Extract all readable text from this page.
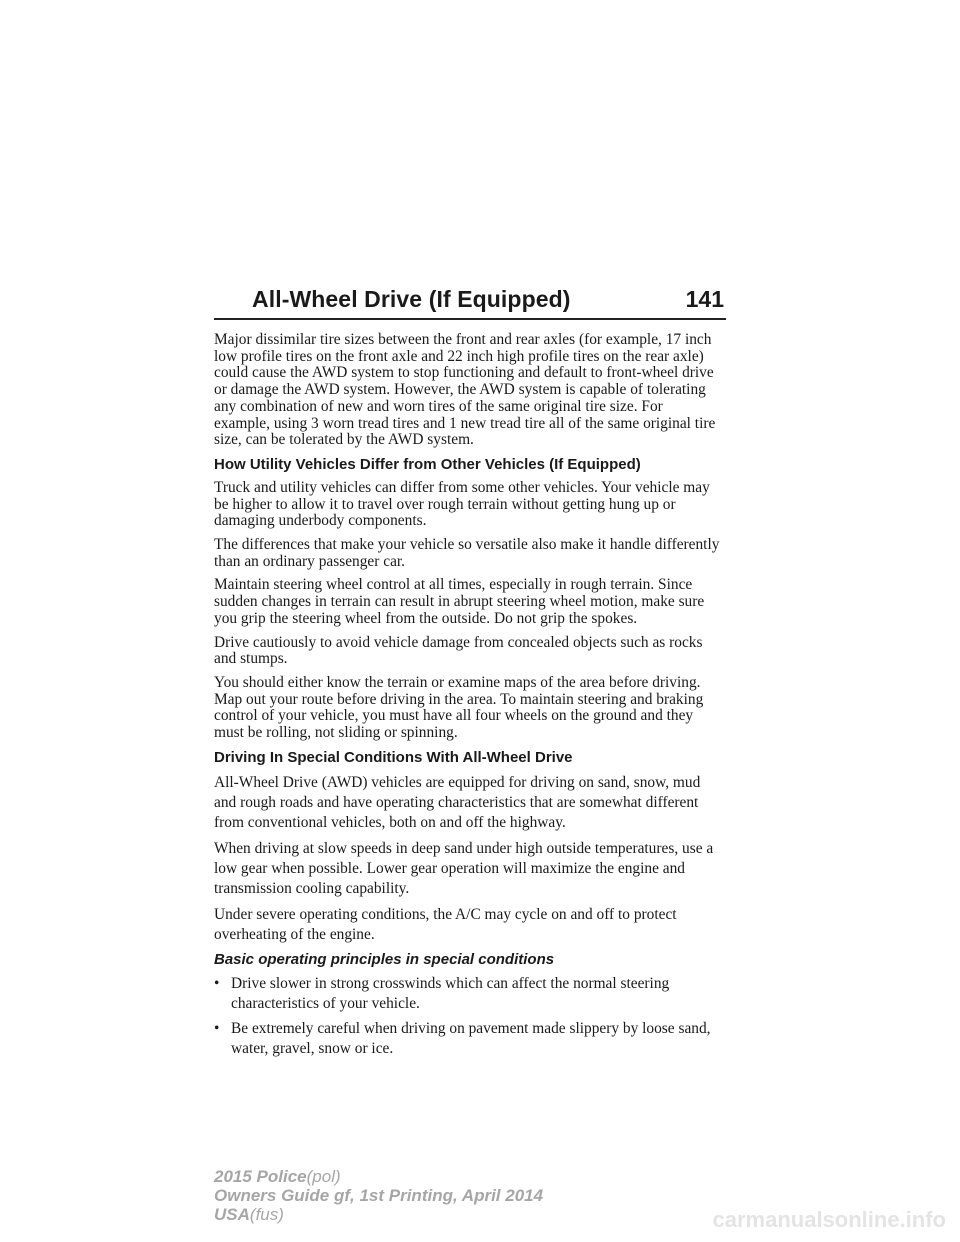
All-Wheel Drive (If Equipped)	141

Major dissimilar tire sizes between the front and rear axles (for example, 17 inch low profile tires on the front axle and 22 inch high profile tires on the rear axle) could cause the AWD system to stop functioning and default to front-wheel drive or damage the AWD system. However, the AWD system is capable of tolerating any combination of new and worn tires of the same original tire size. For example, using 3 worn tread tires and 1 new tread tire all of the same original tire size, can be tolerated by the AWD system.

How Utility Vehicles Differ from Other Vehicles (If Equipped)

Truck and utility vehicles can differ from some other vehicles. Your vehicle may be higher to allow it to travel over rough terrain without getting hung up or damaging underbody components.

The differences that make your vehicle so versatile also make it handle differently than an ordinary passenger car.

Maintain steering wheel control at all times, especially in rough terrain. Since sudden changes in terrain can result in abrupt steering wheel motion, make sure you grip the steering wheel from the outside. Do not grip the spokes.

Drive cautiously to avoid vehicle damage from concealed objects such as rocks and stumps.

You should either know the terrain or examine maps of the area before driving. Map out your route before driving in the area. To maintain steering and braking control of your vehicle, you must have all four wheels on the ground and they must be rolling, not sliding or spinning.

Driving In Special Conditions With All-Wheel Drive

All-Wheel Drive (AWD) vehicles are equipped for driving on sand, snow, mud and rough roads and have operating characteristics that are somewhat different from conventional vehicles, both on and off the highway.

When driving at slow speeds in deep sand under high outside temperatures, use a low gear when possible. Lower gear operation will maximize the engine and transmission cooling capability.

Under severe operating conditions, the A/C may cycle on and off to protect overheating of the engine.

Basic operating principles in special conditions
• Drive slower in strong crosswinds which can affect the normal steering characteristics of your vehicle.
• Be extremely careful when driving on pavement made slippery by loose sand, water, gravel, snow or ice.
2015 Police(pol)
Owners Guide gf, 1st Printing, April 2014
USA(fus)	carmanualsonline.info
